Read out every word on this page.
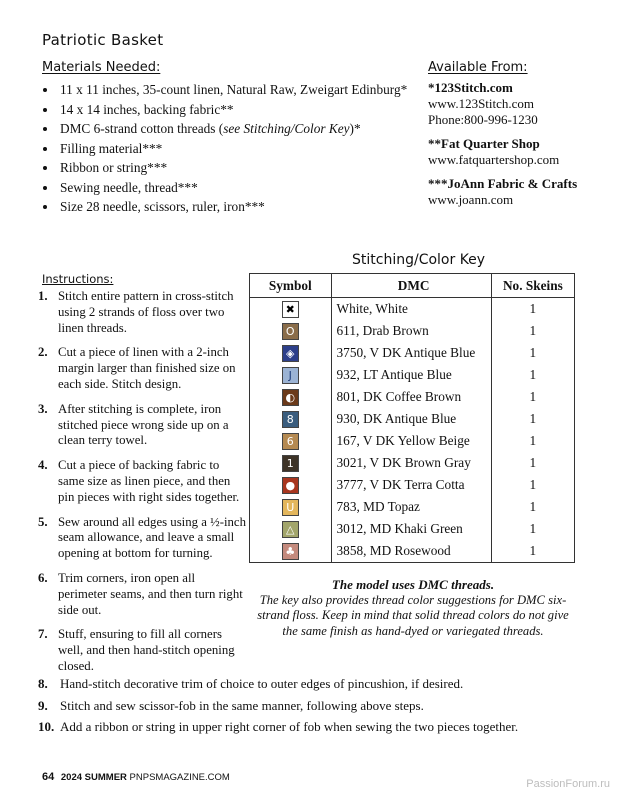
Patriotic Basket
Materials Needed:
• 11 x 11 inches, 35-count linen, Natural Raw, Zweigart Edinburg*
• 14 x 14 inches, backing fabric**
• DMC 6-strand cotton threads (see Stitching/Color Key)*
• Filling material***
• Ribbon or string***
• Sewing needle, thread***
• Size 28 needle, scissors, ruler, iron***
Available From:
*123Stitch.com
www.123Stitch.com
Phone:800-996-1230
**Fat Quarter Shop
www.fatquartershop.com
***JoAnn Fabric & Crafts
www.joann.com
Instructions:
1. Stitch entire pattern in cross-stitch using 2 strands of floss over two linen threads.
2. Cut a piece of linen with a 2-inch margin larger than finished size on each side. Stitch design.
3. After stitching is complete, iron stitched piece wrong side up on a clean terry towel.
4. Cut a piece of backing fabric to same size as linen piece, and then pin pieces with right sides together.
5. Sew around all edges using a ½-inch seam allowance, and leave a small opening at bottom for turning.
6. Trim corners, iron open all perimeter seams, and then turn right side out.
7. Stuff, ensuring to fill all corners well, and then hand-stitch opening closed.
8. Hand-stitch decorative trim of choice to outer edges of pincushion, if desired.
9. Stitch and sew scissor-fob in the same manner, following above steps.
10. Add a ribbon or string in upper right corner of fob when sewing the two pieces together.
Stitching/Color Key
Symbol	DMC	No. Skeins
✖	White, White	1
O	611, Drab Brown	1
◈	3750, V DK Antique Blue	1
J	932, LT Antique Blue	1
◐	801, DK Coffee Brown	1
8	930, DK Antique Blue	1
6	167, V DK Yellow Beige	1
1	3021, V DK Brown Gray	1
●	3777, V DK Terra Cotta	1
U	783, MD Topaz	1
△	3012, MD Khaki Green	1
♣	3858, MD Rosewood	1
The model uses DMC threads.
The key also provides thread color suggestions for DMC six-strand floss. Keep in mind that solid thread colors do not give the same finish as hand-dyed or variegated threads.
64 2024 SUMMER PNPSMAGAZINE.COM
PassionForum.ru
